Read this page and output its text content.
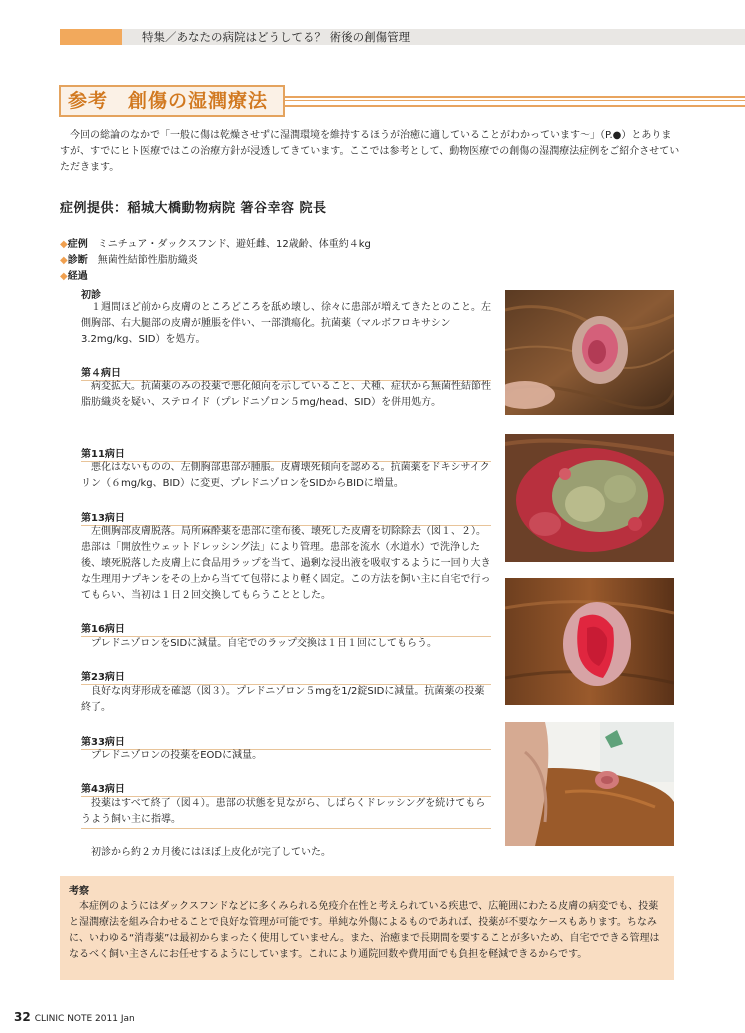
特集／あなたの病院はどうしてる？ 術後の創傷管理
参考　創傷の湿潤療法

今回の総論のなかで「一般に傷は乾燥させずに湿潤環境を維持するほうが治癒に適していることがわかっています～」（P.●）とありますが、すでにヒト医療ではこの治療方針が浸透してきています。ここでは参考として、動物医療での創傷の湿潤療法症例をご紹介させていただきます。

症例提供：稲城大橋動物病院 箸谷幸容 院長
◆症例　 ミニチュア・ダックスフンド、避妊雌、12歳齢、体重約４kg
◆診断　 無菌性結節性脂肪織炎
◆経過
初診

１週間ほど前から皮膚のところどころを舐め壊し、徐々に患部が増えてきたとのこと。左側胸部、右大腿部の皮膚が腫脹を伴い、一部潰瘍化。抗菌薬（マルボフロキサシン3.2mg/kg、SID）を処方。

第４病日

病変拡大。抗菌薬のみの投薬で悪化傾向を示していること、犬種、症状から無菌性結節性脂肪織炎を疑い、ステロイド（プレドニゾロン５mg/head、SID）を併用処方。

第11病日

悪化はないものの、左側胸部患部が腫脹。皮膚壊死傾向を認める。抗菌薬をドキシサイクリン（６mg/kg、BID）に変更、プレドニゾロンをSIDからBIDに増量。

第13病日

左側胸部皮膚脱落。局所麻酔薬を患部に塗布後、壊死した皮膚を切除除去（図１、２）。患部は「開放性ウェットドレッシング法」により管理。患部を流水（水道水）で洗浄した後、壊死脱落した皮膚上に食品用ラップを当て、過剰な浸出液を吸収するように一回り大きな生理用ナプキンをその上から当てて包帯により軽く固定。この方法を飼い主に自宅で行ってもらい、当初は１日２回交換してもらうこととした。

第16病日

プレドニゾロンをSIDに減量。自宅でのラップ交換は１日１回にしてもらう。

第23病日

良好な肉芽形成を確認（図３）。プレドニゾロン５mgを1/2錠SIDに減量。抗菌薬の投薬終了。

第33病日

プレドニゾロンの投薬をEODに減量。

第43病日

投薬はすべて終了（図４）。患部の状態を見ながら、しばらくドレッシングを続けてもらうよう飼い主に指導。

初診から約２カ月後にはほぼ上皮化が完了していた。

考察

本症例のようにはダックスフンドなどに多くみられる免疫介在性と考えられている疾患で、広範囲にわたる皮膚の病変でも、投薬と湿潤療法を組み合わせることで良好な管理が可能です。単純な外傷によるものであれば、投薬が不要なケースもあります。ちなみに、いわゆる“消毒薬”は最初からまったく使用していません。また、治癒まで長期間を要することが多いため、自宅でできる管理はなるべく飼い主さんにお任せするようにしています。これにより通院回数や費用面でも負担を軽減できるからです。

32 CLINIC NOTE 2011 Jan
